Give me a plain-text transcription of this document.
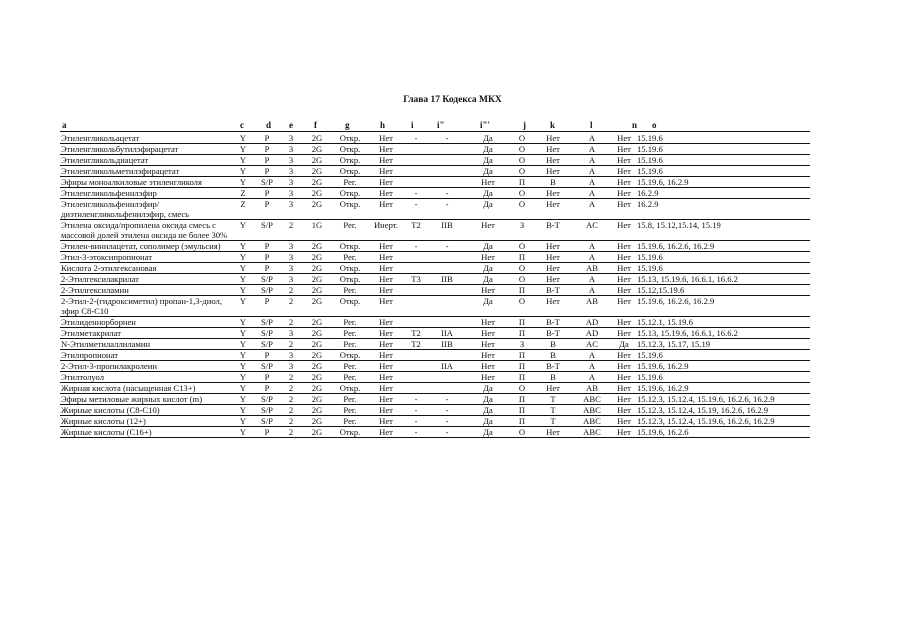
Глава 17 Кодекса МКХ
a	c d e f	g	h	i	i"	i"'	j	k	l	n o
Этиленгликольацетат	Y	P	3	2G	Откр.	Нет	-	-	Да	О	Нет	A	Нет	15.19.6
Этиленгликольбутилэфирацетат	Y	P	3	2G	Откр.	Нет			Да	О	Нет	A	Нет	15.19.6
Этиленгликольдиацетат	Y	P	3	2G	Откр.	Нет			Да	О	Нет	A	Нет	15.19.6
Этиленгликольметилэфирацетат	Y	P	3	2G	Откр.	Нет			Да	О	Нет	A	Нет	15.19.6
Эфиры моноалкиловые этиленгликоля	Y	S/P	3	2G	Рег.	Нет			Нет	П	В	A	Нет	15.19.6, 16.2.9
Этиленгликольфенилэфир	Z	P	3	2G	Откр.	Нет	-	-	Да	О	Нет	A	Нет	16.2.9
Этиленгликольфенилэфир/ диэтиленгликольфенилэфир, смесь	Z	P	3	2G	Откр.	Нет	-	-	Да	О	Нет	A	Нет	16.2.9
Этилена оксида/пропилена оксида смесь с массовой долей этилена оксида не более 30%	Y	S/P	2	1G	Рег.	Инерт.	T2	IIB	Нет	З	В-Т	AC	Нет	15.8, 15.12,15.14, 15.19
Этилен-винилацетат, сополимер (эмульсия)	Y	P	3	2G	Откр.	Нет	-	-	Да	О	Нет	A	Нет	15.19.6, 16.2.6, 16.2.9
Этил-3-этоксипропионат	Y	P	3	2G	Рег.	Нет			Нет	П	Нет	A	Нет	15.19.6
Кислота 2-этилгексановая	Y	P	3	2G	Откр.	Нет			Да	О	Нет	AB	Нет	15.19.6
2-Этилгексилакрилат	Y	S/P	3	2G	Откр.	Нет	T3	IIB	Да	О	Нет	A	Нет	15.13, 15.19.6, 16.6.1, 16.6.2
2-Этилгексиламин	Y	S/P	2	2G	Рег.	Нет			Нет	П	В-Т	A	Нет	15.12,15.19.6
2-Этил-2-(гидроксиметил) пропан-1,3-диол, эфир C8-C10	Y	P	2	2G	Откр.	Нет			Да	О	Нет	AB	Нет	15.19.6, 16.2.6, 16.2.9
Этилиденнорборнен	Y	S/P	2	2G	Рег.	Нет			Нет	П	В-Т	AD	Нет	15.12.1, 15.19.6
Этилметакрилат	Y	S/P	3	2G	Рег.	Нет	T2	IIA	Нет	П	В-Т	AD	Нет	15.13, 15.19.6, 16.6.1, 16.6.2
N-Этилметилаллиламин	Y	S/P	2	2G	Рег.	Нет	T2	IIB	Нет	З	В	AC	Да	15.12.3, 15.17, 15.19
Этилпропионат	Y	P	3	2G	Откр.	Нет			Нет	П	В	A	Нет	15.19.6
2-Этил-3-пропилакролеин	Y	S/P	3	2G	Рег.	Нет		IIA	Нет	П	В-Т	A	Нет	15.19.6, 16.2.9
Этилтолуол	Y	P	2	2G	Рег.	Нет			Нет	П	В	A	Нет	15.19.6
Жирная кислота (насыщенная C13+)	Y	P	2	2G	Откр.	Нет			Да	О	Нет	AB	Нет	15.19.6, 16.2.9
Эфиры метиловые жирных кислот (m)	Y	S/P	2	2G	Рег.	Нет	-	-	Да	П	Т	ABC	Нет	15.12.3, 15.12.4, 15.19.6, 16.2.6, 16.2.9
Жирные кислоты (C8-C10)	Y	S/P	2	2G	Рег.	Нет	-	-	Да	П	Т	ABC	Нет	15.12.3, 15.12.4, 15.19, 16.2.6, 16.2.9
Жирные кислоты (12+)	Y	S/P	2	2G	Рег.	Нет	-	-	Да	П	Т	ABC	Нет	15.12.3, 15.12.4, 15.19.6, 16.2.6, 16.2.9
Жирные кислоты (C16+)	Y	P	2	2G	Откр.	Нет	-	-	Да	О	Нет	ABC	Нет	15.19.6, 16.2.6
